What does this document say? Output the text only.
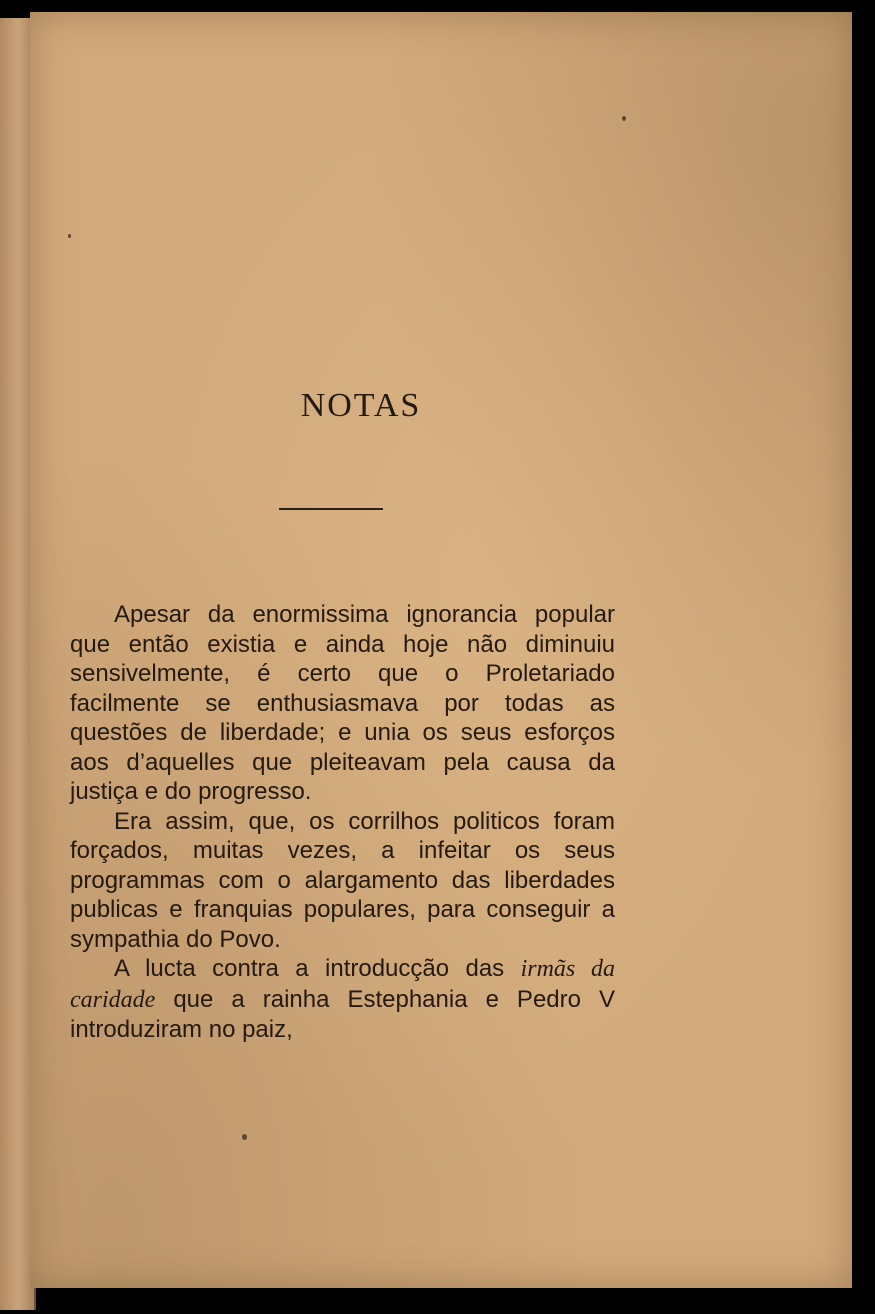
NOTAS

Apesar da enormissima ignorancia popular que então existia e ainda hoje não diminuiu sensivelmente, é certo que o Proletariado facilmente se enthusiasmava por todas as questões de liberdade; e unia os seus esforços aos d’aquelles que pleiteavam pela causa da justiça e do progresso.

Era assim, que, os corrilhos politicos foram forçados, muitas vezes, a infeitar os seus programmas com o alargamento das liberdades publicas e franquias populares, para conseguir a sympathia do Povo.

A lucta contra a introducção das irmãs da caridade que a rainha Estephania e Pedro V introduziram no paiz,
